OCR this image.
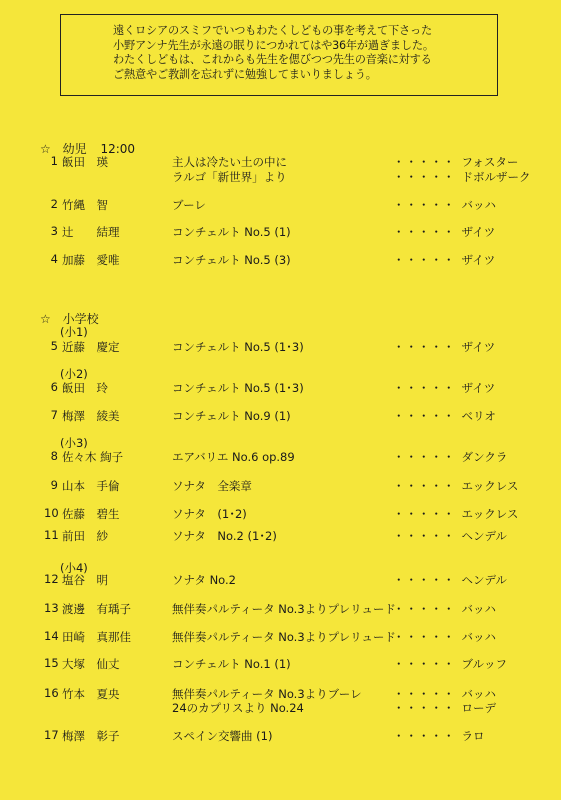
遠くロシアのスミフでいつもわたくしどもの事を考えて下さった
小野アンナ先生が永遠の眠りにつかれてはや36年が過ぎました。
わたくしどもは、これからも先生を偲びつつ先生の音楽に対する
ご熱意やご教訓を忘れずに勉強してまいりましょう。
☆ 幼児 12:00
☆ 小学校
(小1)
(小2)
(小3)
(小4)
1 飯田　瑛	主人は冷たい土の中に	・・・・・ フォスター
ラルゴ「新世界」より	・・・・・ ドボルザーク
2 竹縄　智	ブーレ	・・・・・ バッハ
3 辻　　結理	コンチェルト No.5 (1)	・・・・・ ザイツ
4 加藤　愛唯	コンチェルト No.5 (3)	・・・・・ ザイツ
5 近藤　慶定	コンチェルト No.5 (1･3)	・・・・・ ザイツ
6 飯田　玲	コンチェルト No.5 (1･3)	・・・・・ ザイツ
7 梅澤　綾美	コンチェルト No.9 (1)	・・・・・ ベリオ
8 佐々木 絢子	エアバリエ No.6 op.89	・・・・・ ダンクラ
9 山本　手倫	ソナタ　全楽章	・・・・・ エックレス
10 佐藤　碧生	ソナタ　(1･2)	・・・・・ エックレス
11 前田　紗	ソナタ　No.2 (1･2)	・・・・・ ヘンデル
12 塩谷　明	ソナタ No.2	・・・・・ ヘンデル
13 渡邊　有瑀子	無伴奏パルティータ No.3よりプレリュード
・・・・・ バッハ
14 田崎　真那佳	無伴奏パルティータ No.3よりプレリュード
・・・・・ バッハ
15 大塚　仙丈	コンチェルト No.1 (1)	・・・・・ ブルッフ
16 竹本　夏央	無伴奏パルティータ No.3よりブーレ	・・・・・ バッハ
24のカプリスより No.24	・・・・・ ローデ
17 梅澤　彰子	スペイン交響曲 (1)	・・・・・ ラロ
